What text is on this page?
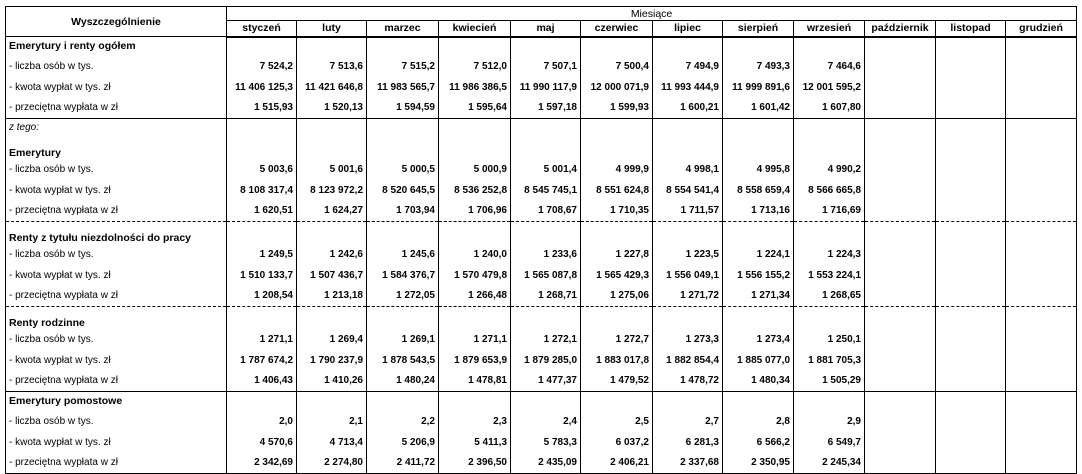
Wyszczególnienie	Miesiące											
	styczeń	luty	marzec	kwiecień	maj	czerwiec	lipiec	sierpień	wrzesień	październik	listopad	grudzień
Emerytury i renty ogółem												
- liczba osób w tys.	7 524,2	7 513,6	7 515,2	7 512,0	7 507,1	7 500,4	7 494,9	7 493,3	7 464,6			
- kwota wypłat w tys. zł	11 406 125,3	11 421 646,8	11 983 565,7	11 986 386,5	11 990 117,9	12 000 071,9	11 993 444,9	11 999 891,6	12 001 595,2			
- przeciętna wypłata w zł	1 515,93	1 520,13	1 594,59	1 595,64	1 597,18	1 599,93	1 600,21	1 601,42	1 607,80			
z tego:												
Emerytury												
- liczba osób w tys.	5 003,6	5 001,6	5 000,5	5 000,9	5 001,4	4 999,9	4 998,1	4 995,8	4 990,2			
- kwota wypłat w tys. zł	8 108 317,4	8 123 972,2	8 520 645,5	8 536 252,8	8 545 745,1	8 551 624,8	8 554 541,4	8 558 659,4	8 566 665,8			
- przeciętna wypłata w zł	1 620,51	1 624,27	1 703,94	1 706,96	1 708,67	1 710,35	1 711,57	1 713,16	1 716,69			
Renty z tytułu niezdolności do pracy												
- liczba osób w tys.	1 249,5	1 242,6	1 245,6	1 240,0	1 233,6	1 227,8	1 223,5	1 224,1	1 224,3			
- kwota wypłat w tys. zł	1 510 133,7	1 507 436,7	1 584 376,7	1 570 479,8	1 565 087,8	1 565 429,3	1 556 049,1	1 556 155,2	1 553 224,1			
- przeciętna wypłata w zł	1 208,54	1 213,18	1 272,05	1 266,48	1 268,71	1 275,06	1 271,72	1 271,34	1 268,65			
Renty rodzinne												
- liczba osób w tys.	1 271,1	1 269,4	1 269,1	1 271,1	1 272,1	1 272,7	1 273,3	1 273,4	1 250,1			
- kwota wypłat w tys. zł	1 787 674,2	1 790 237,9	1 878 543,5	1 879 653,9	1 879 285,0	1 883 017,8	1 882 854,4	1 885 077,0	1 881 705,3			
- przeciętna wypłata w zł	1 406,43	1 410,26	1 480,24	1 478,81	1 477,37	1 479,52	1 478,72	1 480,34	1 505,29			
Emerytury pomostowe												
- liczba osób w tys.	2,0	2,1	2,2	2,3	2,4	2,5	2,7	2,8	2,9			
- kwota wypłat w tys. zł	4 570,6	4 713,4	5 206,9	5 411,3	5 783,3	6 037,2	6 281,3	6 566,2	6 549,7			
- przeciętna wypłata w zł	2 342,69	2 274,80	2 411,72	2 396,50	2 435,09	2 406,21	2 337,68	2 350,95	2 245,34			
